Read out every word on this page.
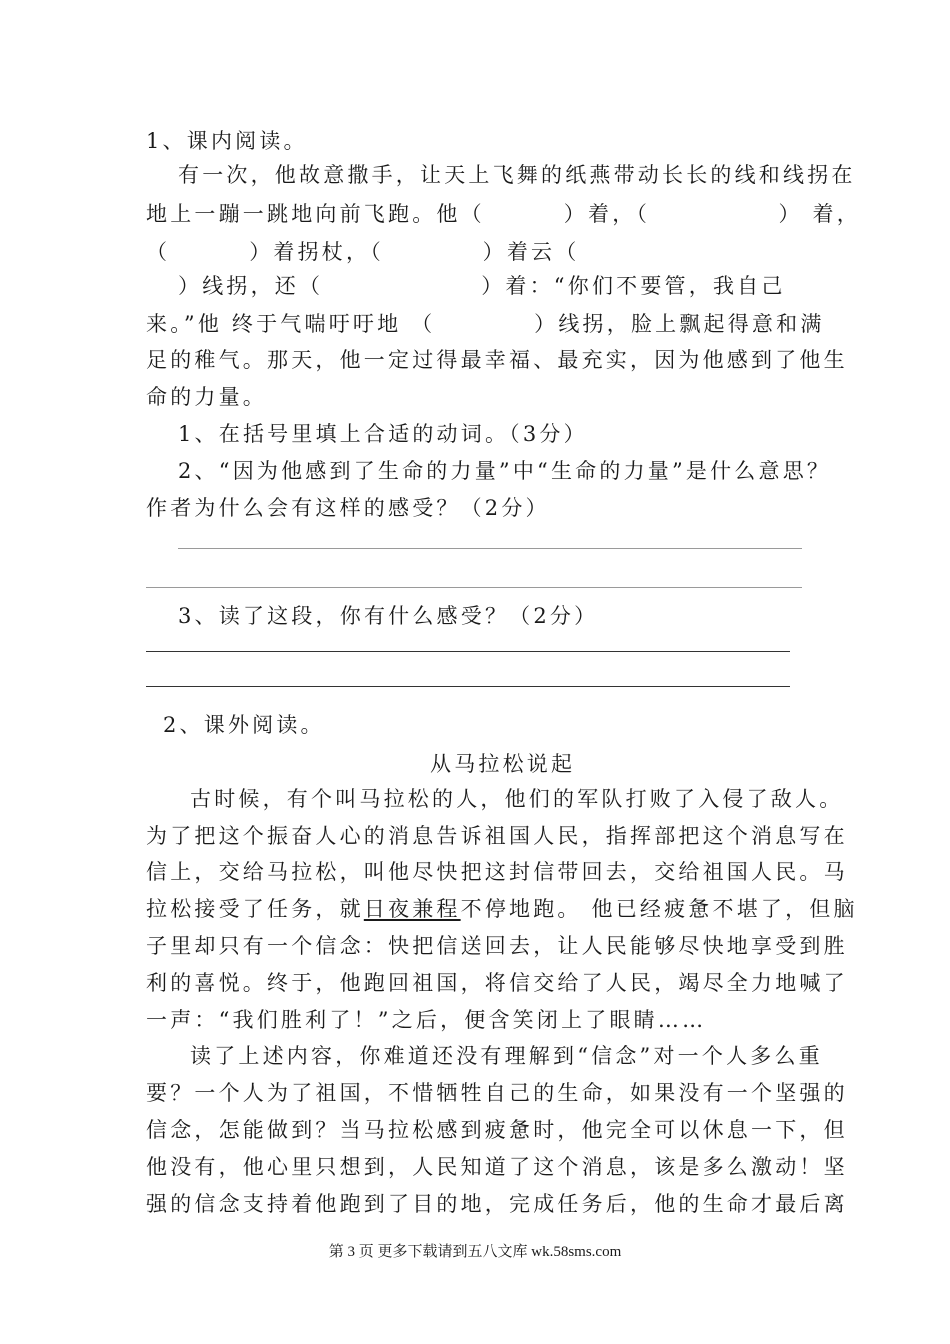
1、课内阅读。
有一次，他故意撒手，让天上飞舞的纸燕带动长长的线和线拐在
地上一蹦一跳地向前飞跑。他（        ）着，（             ） 着，
（        ）着拐杖，（          ）着云（
）线拐，还（                ）着：“你们不要管，我自己
来。”他 终于气喘吁吁地 （          ）线拐，脸上飘起得意和满
足的稚气。那天，他一定过得最幸福、最充实，因为他感到了他生
命的力量。
1、在括号里填上合适的动词。（3分）
2、“因为他感到了生命的力量”中“生命的力量”是什么意思？
作者为什么会有这样的感受？（2分）
3、读了这段，你有什么感受？（2分）
2、课外阅读。
从马拉松说起
古时候，有个叫马拉松的人，他们的军队打败了入侵了敌人。
为了把这个振奋人心的消息告诉祖国人民，指挥部把这个消息写在
信上，交给马拉松，叫他尽快把这封信带回去，交给祖国人民。马
拉松接受了任务，就日夜兼程不停地跑。 他已经疲惫不堪了，但脑
子里却只有一个信念：快把信送回去，让人民能够尽快地享受到胜
利的喜悦。终于，他跑回祖国，将信交给了人民，竭尽全力地喊了
一声：“我们胜利了！”之后，便含笑闭上了眼睛……
读了上述内容，你难道还没有理解到“信念”对一个人多么重
要？一个人为了祖国，不惜牺牲自己的生命，如果没有一个坚强的
信念，怎能做到？当马拉松感到疲惫时，他完全可以休息一下，但
他没有，他心里只想到，人民知道了这个消息，该是多么激动！坚
强的信念支持着他跑到了目的地，完成任务后，他的生命才最后离
第 3 页 更多下载请到五八文库 wk.58sms.com
